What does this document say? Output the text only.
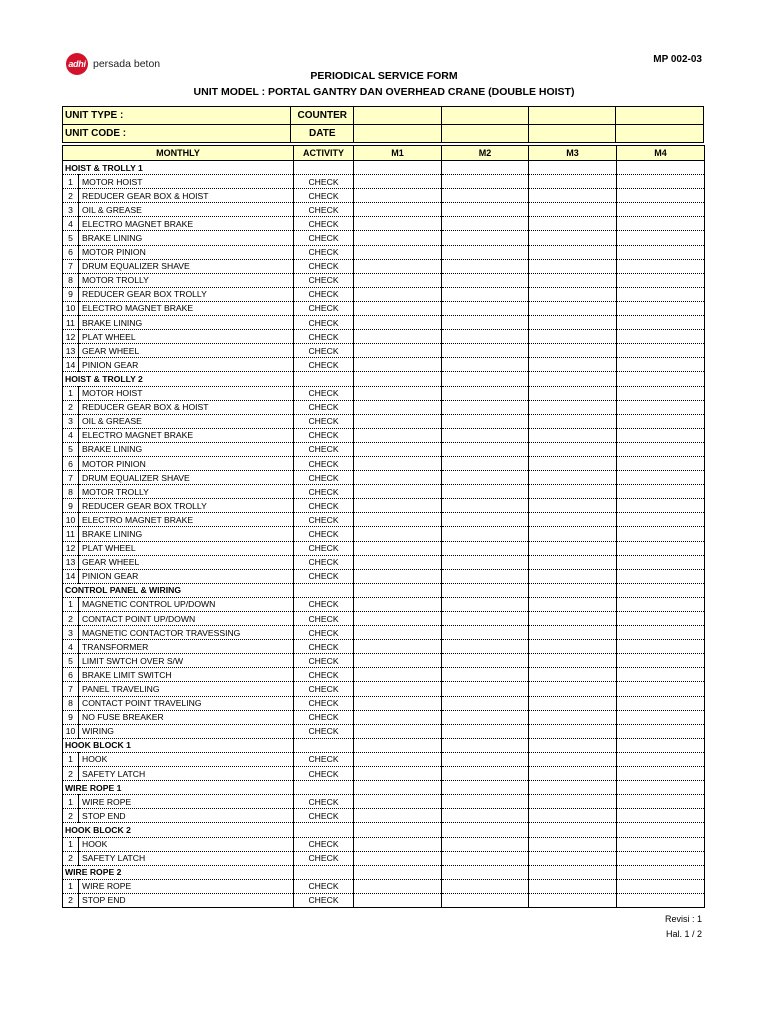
adhi persada beton	MP 002-03
PERIODICAL SERVICE FORM
UNIT MODEL : PORTAL GANTRY DAN OVERHEAD CRANE (DOUBLE HOIST)
UNIT TYPE :	COUNTER				
UNIT CODE :	DATE				
MONTHLY		ACTIVITY	M1	M2	M3	M4
HOIST & TROLLY 1						
1	MOTOR HOIST	CHECK				
2	REDUCER GEAR BOX & HOIST	CHECK				
3	OIL & GREASE	CHECK				
4	ELECTRO MAGNET BRAKE	CHECK				
5	BRAKE LINING	CHECK				
6	MOTOR PINION	CHECK				
7	DRUM EQUALIZER SHAVE	CHECK				
8	MOTOR TROLLY	CHECK				
9	REDUCER GEAR BOX TROLLY	CHECK				
10	ELECTRO MAGNET BRAKE	CHECK				
11	BRAKE LINING	CHECK				
12	PLAT WHEEL	CHECK				
13	GEAR WHEEL	CHECK				
14	PINION GEAR	CHECK				
HOIST & TROLLY 2						
1	MOTOR HOIST	CHECK				
2	REDUCER GEAR BOX & HOIST	CHECK				
3	OIL & GREASE	CHECK				
4	ELECTRO MAGNET BRAKE	CHECK				
5	BRAKE LINING	CHECK				
6	MOTOR PINION	CHECK				
7	DRUM EQUALIZER SHAVE	CHECK				
8	MOTOR TROLLY	CHECK				
9	REDUCER GEAR BOX TROLLY	CHECK				
10	ELECTRO MAGNET BRAKE	CHECK				
11	BRAKE LINING	CHECK				
12	PLAT WHEEL	CHECK				
13	GEAR WHEEL	CHECK				
14	PINION GEAR	CHECK				
CONTROL PANEL & WIRING						
1	MAGNETIC CONTROL UP/DOWN	CHECK				
2	CONTACT POINT UP/DOWN	CHECK				
3	MAGNETIC CONTACTOR TRAVESSING	CHECK				
4	TRANSFORMER	CHECK				
5	LIMIT SWTCH OVER S/W	CHECK				
6	BRAKE LIMIT SWITCH	CHECK				
7	PANEL TRAVELING	CHECK				
8	CONTACT POINT TRAVELING	CHECK				
9	NO FUSE BREAKER	CHECK				
10	WIRING	CHECK				
HOOK BLOCK 1						
1	HOOK	CHECK				
2	SAFETY LATCH	CHECK				
WIRE ROPE 1						
1	WIRE ROPE	CHECK				
2	STOP END	CHECK				
HOOK BLOCK 2						
1	HOOK	CHECK				
2	SAFETY LATCH	CHECK				
WIRE ROPE 2						
1	WIRE ROPE	CHECK				
2	STOP END	CHECK				
Revisi : 1
Hal. 1 / 2
